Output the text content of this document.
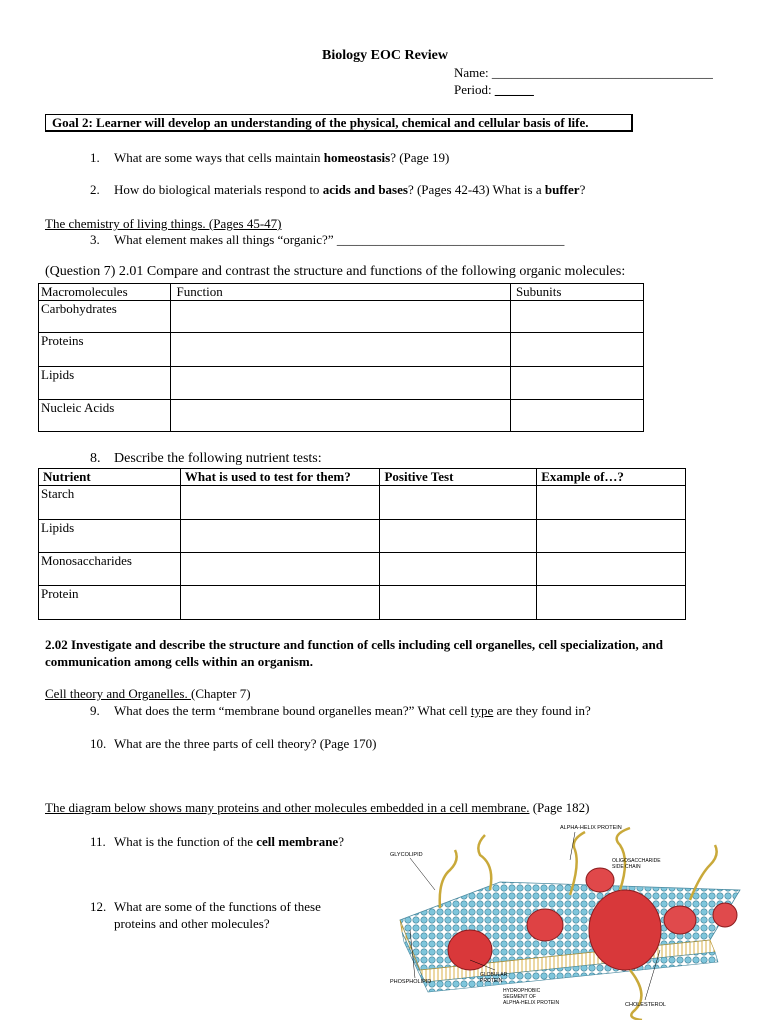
Biology EOC Review
Name: __________________________________
Period: ______
Goal 2: Learner will develop an understanding of the physical, chemical and cellular basis of life.
1. What are some ways that cells maintain homeostasis? (Page 19)
2. How do biological materials respond to acids and bases? (Pages 42-43) What is a buffer?
The chemistry of living things. (Pages 45-47)
3. What element makes all things “organic?” ___________________________________
(Question 7) 2.01 Compare and contrast the structure and functions of the following organic molecules:
Macromolecules	Function	Subunits
Carbohydrates		
Proteins		
Lipids		
Nucleic Acids		
8. Describe the following nutrient tests:
Nutrient	What is used to test for them?	Positive Test	Example of…?
Starch			
Lipids			
Monosaccharides			
Protein			
2.02 Investigate and describe the structure and function of cells including cell organelles, cell specialization, and communication among cells within an organism.
Cell theory and Organelles. (Chapter 7)
9. What does the term “membrane bound organelles mean?” What cell type are they found in?
10. What are the three parts of cell theory? (Page 170)
The diagram below shows many proteins and other molecules embedded in a cell membrane. (Page 182)
11. What is the function of the cell membrane?
12. What are some of the functions of these
proteins and other molecules?
ALPHA-HELIX PROTEIN
GLYCOLIPID
OLIGOSACCHARIDE
SIDE CHAIN
GLOBULAR
PROTEIN
HYDROPHOBIC
SEGMENT OF
ALPHA-HELIX PROTEIN
PHOSPHOLIPID
CHOLESTEROL
